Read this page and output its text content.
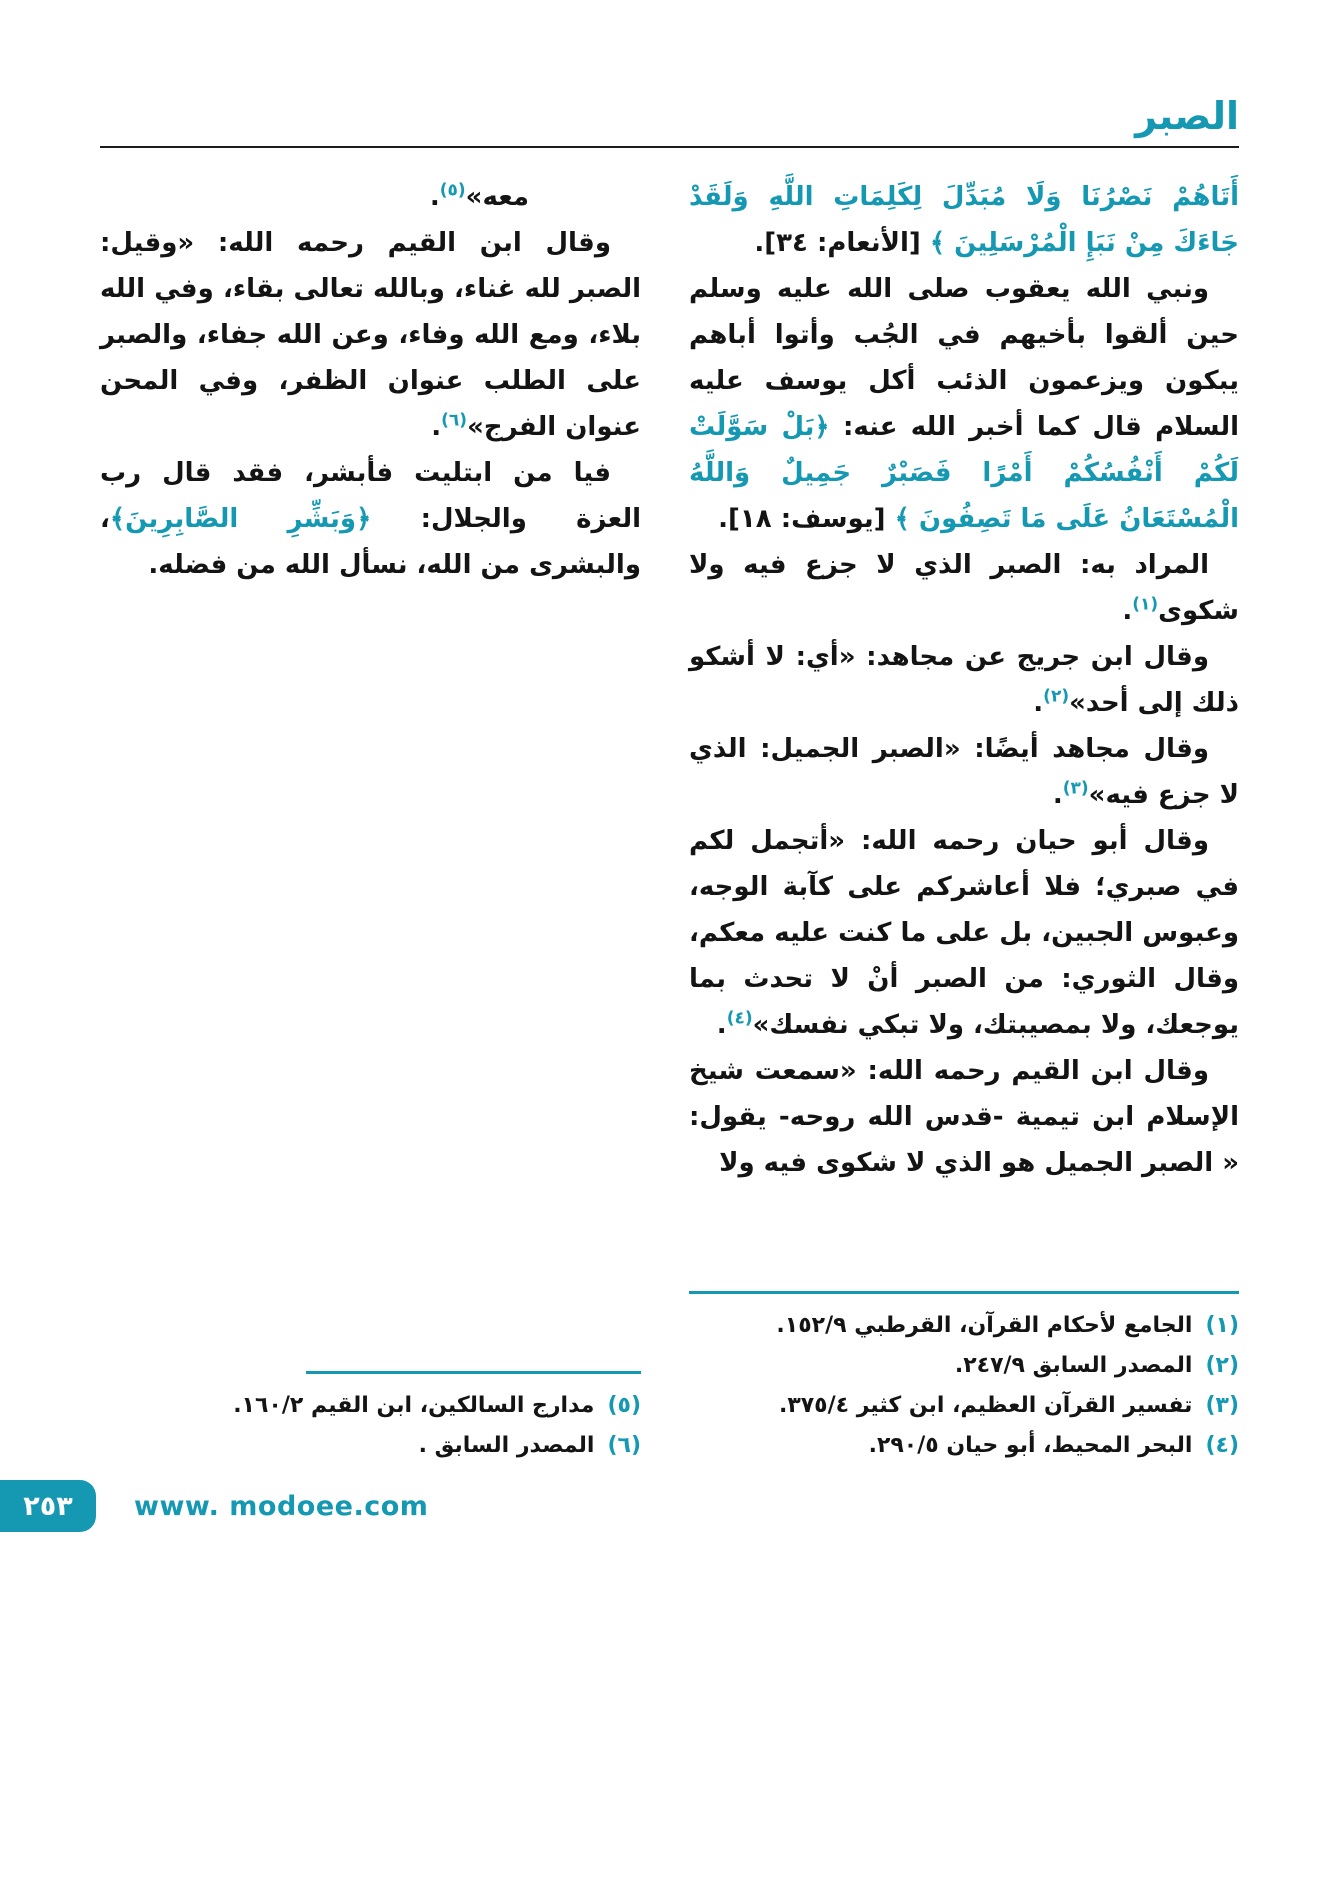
الصبر

أَتَاهُمْ نَصْرُنَا وَلَا مُبَدِّلَ لِكَلِمَاتِ اللَّهِ وَلَقَدْ جَاءَكَ مِنْ نَبَإِ الْمُرْسَلِينَ ﴾ [الأنعام: ٣٤].

ونبي الله يعقوب صلى الله عليه وسلم حين ألقوا بأخيهم في الجُب وأتوا أباهم يبكون ويزعمون الذئب أكل يوسف عليه السلام قال كما أخبر الله عنه: ﴿بَلْ سَوَّلَتْ لَكُمْ أَنْفُسُكُمْ أَمْرًا فَصَبْرٌ جَمِيلٌ وَاللَّهُ الْمُسْتَعَانُ عَلَى مَا تَصِفُونَ ﴾ [يوسف: ١٨].

المراد به: الصبر الذي لا جزع فيه ولا شكوى$^{(١)}$.

وقال ابن جريج عن مجاهد: «أي: لا أشكو ذلك إلى أحد»$^{(٢)}$.

وقال مجاهد أيضًا: «الصبر الجميل: الذي لا جزع فيه»$^{(٣)}$.

وقال أبو حيان رحمه الله: «أتجمل لكم في صبري؛ فلا أعاشركم على كآبة الوجه، وعبوس الجبين، بل على ما كنت عليه معكم، وقال الثوري: من الصبر أنْ لا تحدث بما يوجعك، ولا بمصيبتك، ولا تبكي نفسك»$^{(٤)}$.

وقال ابن القيم رحمه الله: «سمعت شيخ الإسلام ابن تيمية -قدس الله روحه- يقول: « الصبر الجميل هو الذي لا شكوى فيه ولا

(١)
الجامع لأحكام القرآن، القرطبي ١٥٢/٩.
(٢)
المصدر السابق ٢٤٧/٩.
(٣)
تفسير القرآن العظيم، ابن كثير ٣٧٥/٤.
(٤)
البحر المحيط، أبو حيان ٢٩٠/٥.

معه»$^{(٥)}$.

وقال ابن القيم رحمه الله: «وقيل: الصبر لله غناء، وبالله تعالى بقاء، وفي الله بلاء، ومع الله وفاء، وعن الله جفاء، والصبر على الطلب عنوان الظفر، وفي المحن عنوان الفرج»$^{(٦)}$.

فيا من ابتليت فأبشر، فقد قال رب العزة والجلال: ﴿وَبَشِّرِ الصَّابِرِينَ﴾، والبشرى من الله، نسأل الله من فضله.

(٥)
مدارج السالكين، ابن القيم ١٦٠/٢.
(٦)
المصدر السابق .
٢٥٣ www. modoee.com
